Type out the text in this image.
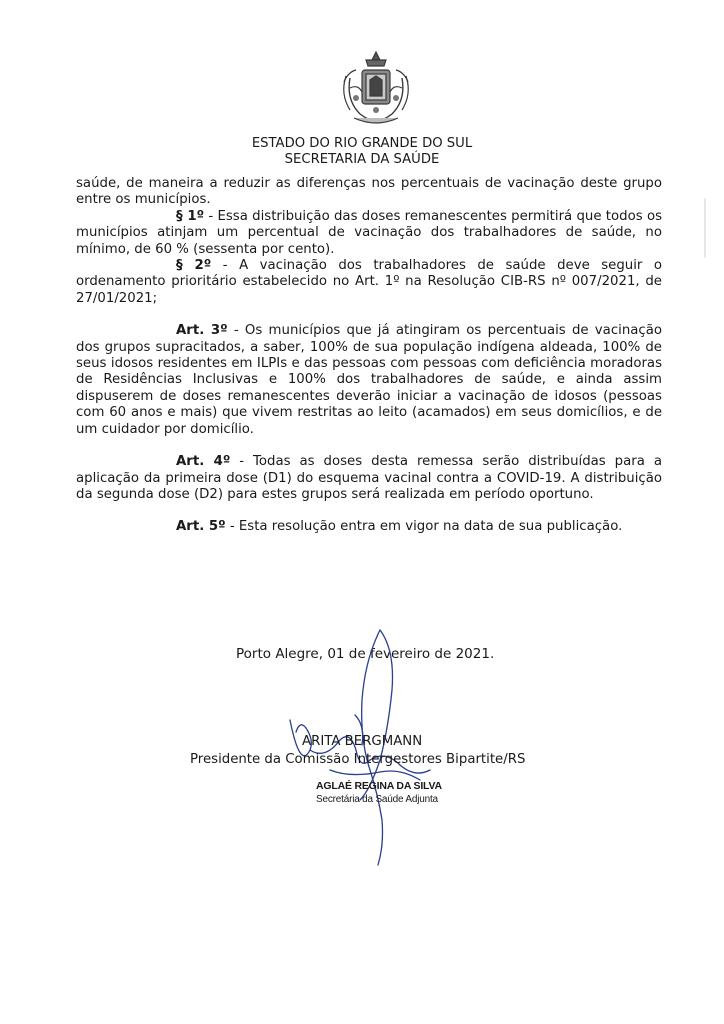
ESTADO DO RIO GRANDE DO SUL
SECRETARIA DA SAÚDE

saúde, de maneira a reduzir as diferenças nos percentuais de vacinação deste grupo entre os municípios.

§ 1º - Essa distribuição das doses remanescentes permitirá que todos os municípios atinjam um percentual de vacinação dos trabalhadores de saúde, no mínimo, de 60 % (sessenta por cento).

§ 2º - A vacinação dos trabalhadores de saúde deve seguir o ordenamento prioritário estabelecido no Art. 1º na Resolução CIB-RS nº 007/2021, de 27/01/2021;

Art. 3º - Os municípios que já atingiram os percentuais de vacinação dos grupos supracitados, a saber, 100% de sua população indígena aldeada, 100% de seus idosos residentes em ILPIs e das pessoas com pessoas com deficiência moradoras de Residências Inclusivas e 100% dos trabalhadores de saúde, e ainda assim dispuserem de doses remanescentes deverão iniciar a vacinação de idosos (pessoas com 60 anos e mais) que vivem restritas ao leito (acamados) em seus domicílios, e de um cuidador por domicílio.

Art. 4º - Todas as doses desta remessa serão distribuídas para a aplicação da primeira dose (D1) do esquema vacinal contra a COVID-19. A distribuição da segunda dose (D2) para estes grupos será realizada em período oportuno.

Art. 5º - Esta resolução entra em vigor na data de sua publicação.

Porto Alegre, 01 de fevereiro de 2021.
ARITA BERGMANN
Presidente da Comissão Intergestores Bipartite/RS
AGLAÉ REGINA DA SILVA
Secretária da Saúde Adjunta
